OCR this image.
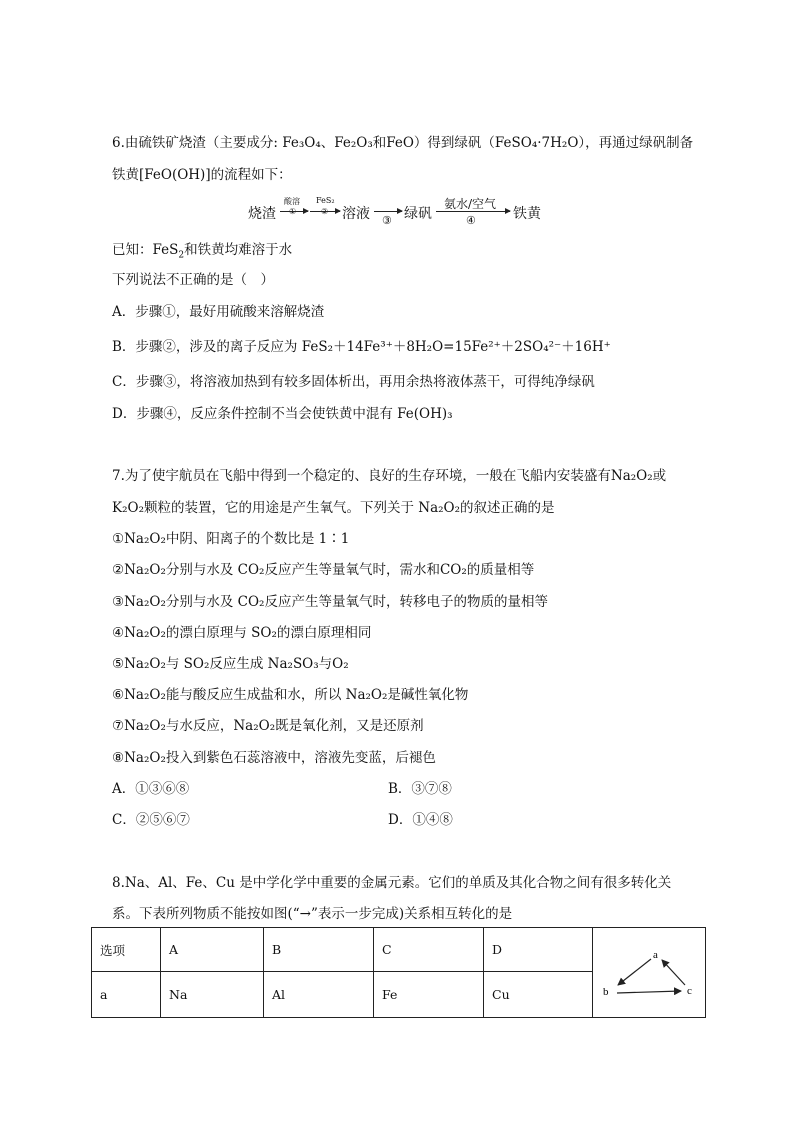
6.由硫铁矿烧渣（主要成分: Fe₃O₄、Fe₂O₃和FeO）得到绿矾（FeSO₄·7H₂O），再通过绿矾制备
铁黄[FeO(OH)]的流程如下：
烧渣
酸溶 FeS₂
溶液 ③ 绿矾
氨水/空气
④	铁黄
已知：FeS$_2$和铁黄均难溶于水
下列说法不正确的是（　）
A．步骤①，最好用硫酸来溶解烧渣
B．步骤②，涉及的离子反应为 FeS₂＋14Fe³⁺＋8H₂O=15Fe²⁺＋2SO₄²⁻＋16H⁺
C．步骤③，将溶液加热到有较多固体析出，再用余热将液体蒸干，可得纯净绿矾
D．步骤④，反应条件控制不当会使铁黄中混有 Fe(OH)₃
7.为了使宇航员在飞船中得到一个稳定的、良好的生存环境，一般在飞船内安装盛有Na₂O₂或
K₂O₂颗粒的装置，它的用途是产生氧气。下列关于 Na₂O₂的叙述正确的是
①Na₂O₂中阴、阳离子的个数比是 1∶1
②Na₂O₂分别与水及 CO₂反应产生等量氧气时，需水和CO₂的质量相等
③Na₂O₂分别与水及 CO₂反应产生等量氧气时，转移电子的物质的量相等
④Na₂O₂的漂白原理与 SO₂的漂白原理相同
⑤Na₂O₂与 SO₂反应生成 Na₂SO₃与O₂
⑥Na₂O₂能与酸反应生成盐和水，所以 Na₂O₂是碱性氧化物
⑦Na₂O₂与水反应，Na₂O₂既是氧化剂，又是还原剂
⑧Na₂O₂投入到紫色石蕊溶液中，溶液先变蓝，后褪色
A．①③⑥⑧	B．③⑦⑧
C．②⑤⑥⑦	D．①④⑧
8.Na、Al、Fe、Cu 是中学化学中重要的金属元素。它们的单质及其化合物之间有很多转化关
系。下表所列物质不能按如图(“→”表示一步完成)关系相互转化的是
选项	A	B	C	D	a
b c

a	Na	Al	Fe	Cu	
